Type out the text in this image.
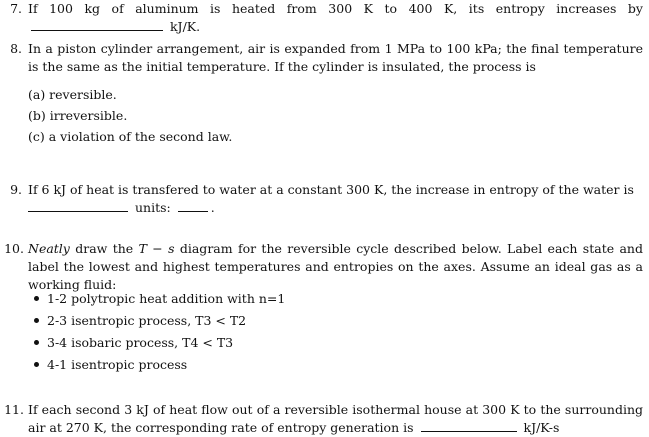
7. If 100 kg of aluminum is heated from 300 K to 400 K, its entropy increases by  kJ/K.
8. In a piston cylinder arrangement, air is expanded from 1 MPa to 100 kPa; the final temperature is the same as the initial temperature. If the cylinder is insulated, the process is
(a) reversible.
(b) irreversible.
(c) a violation of the second law.
9. If 6 kJ of heat is transfered to water at a constant 300 K, the increase in entropy of the water is
units:	.
10. Neatly draw the T − s diagram for the reversible cycle described below. Label each state and label the lowest and highest temperatures and entropies on the axes. Assume an ideal gas as a working fluid:
1-2 polytropic heat addition with n=1
2-3 isentropic process, T3 < T2
3-4 isobaric process, T4 < T3
4-1 isentropic process
11. If each second 3 kJ of heat flow out of a reversible isothermal house at 300 K to the surrounding air at 270 K, the corresponding rate of entropy generation is	kJ/K-s
